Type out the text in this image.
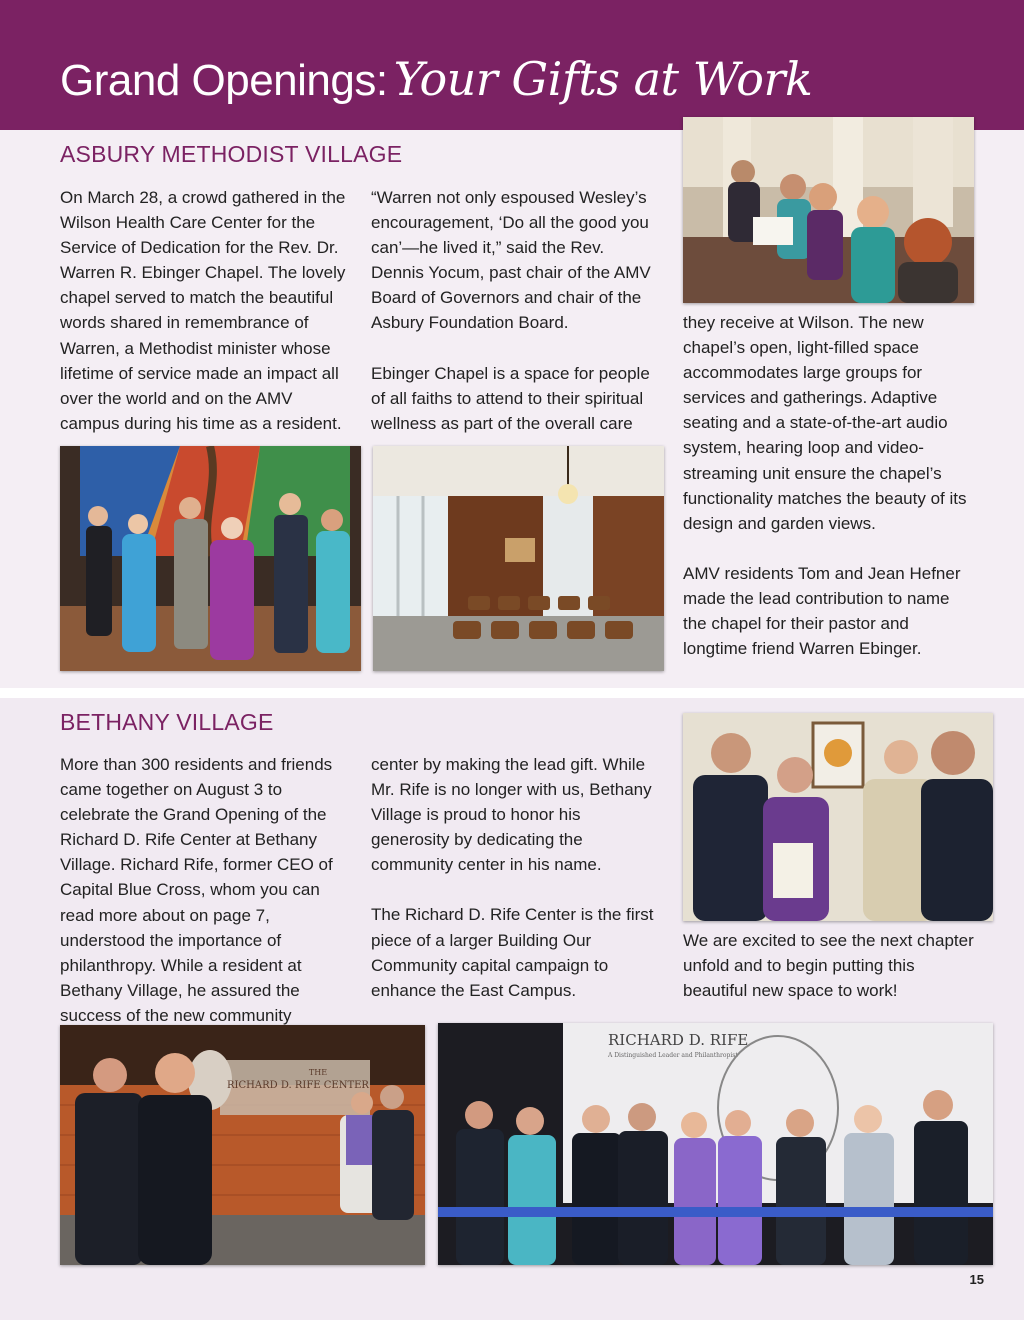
Grand Openings: Your Gifts at Work
ASBURY METHODIST VILLAGE

On March 28, a crowd gathered in the Wilson Health Care Center for the Service of Dedication for the Rev. Dr. Warren R. Ebinger Chapel. The lovely chapel served to match the beautiful words shared in remembrance of Warren, a Methodist minister whose lifetime of service made an impact all over the world and on the AMV campus during his time as a resident.

“Warren not only espoused Wesley’s encouragement, ‘Do all the good you can’—he lived it,” said the Rev. Dennis Yocum, past chair of the AMV Board of Governors and chair of the Asbury Foundation Board.

Ebinger Chapel is a space for people of all faiths to attend to their spiritual wellness as part of the overall care

they receive at Wilson. The new chapel’s open, light-filled space accommodates large groups for services and gatherings. Adaptive seating and a state-of-the-art audio system, hearing loop and video-streaming unit ensure the chapel’s functionality matches the beauty of its design and garden views.

AMV residents Tom and Jean Hefner made the lead contribution to name the chapel for their pastor and longtime friend Warren Ebinger.

BETHANY VILLAGE

More than 300 residents and friends came together on August 3 to celebrate the Grand Opening of the Richard D. Rife Center at Bethany Village. Richard Rife, former CEO of Capital Blue Cross, whom you can read more about on page 7, understood the importance of philanthropy. While a resident at Bethany Village, he assured the success of the new community

center by making the lead gift. While Mr. Rife is no longer with us, Bethany Village is proud to honor his generosity by dedicating the community center in his name.

The Richard D. Rife Center is the first piece of a larger Building Our Community capital campaign to enhance the East Campus.

We are excited to see the next chapter unfold and to begin putting this beautiful new space to work!

THE
RICHARD D. RIFE CENTER
RICHARD D. RIFE
A Distinguished Leader and Philanthropist
15
